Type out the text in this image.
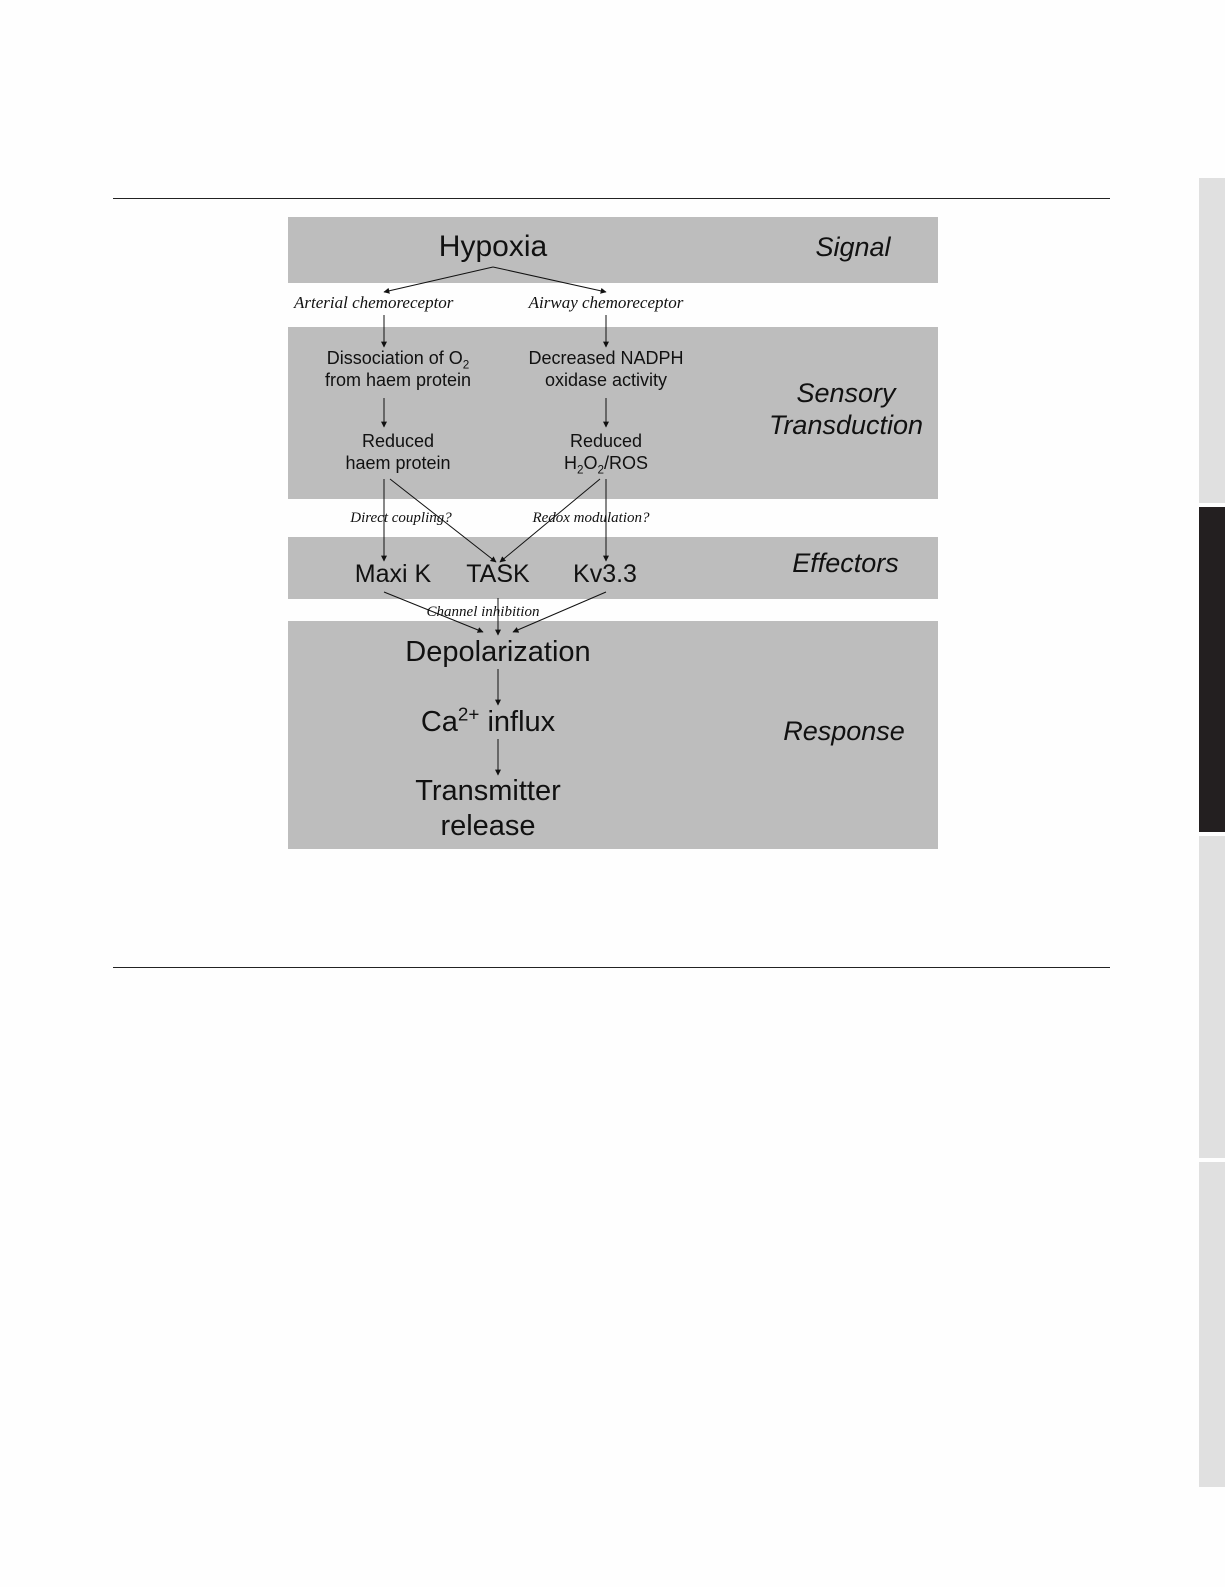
Hypoxia	Signal
Arterial chemoreceptor	Airway chemoreceptor
Dissociation of $O_2$
from haem protein
Reduced
haem protein
Decreased NADPH
oxidase activity
Reduced
$H_2O_2$/ROS
Sensory
Transduction
Direct coupling?	Redox modulation?
Maxi K	TASK	Kv3.3	Effectors
Channel inhibition
Depolarization
$Ca^{2+}$ influx
Transmitter
release
Response
